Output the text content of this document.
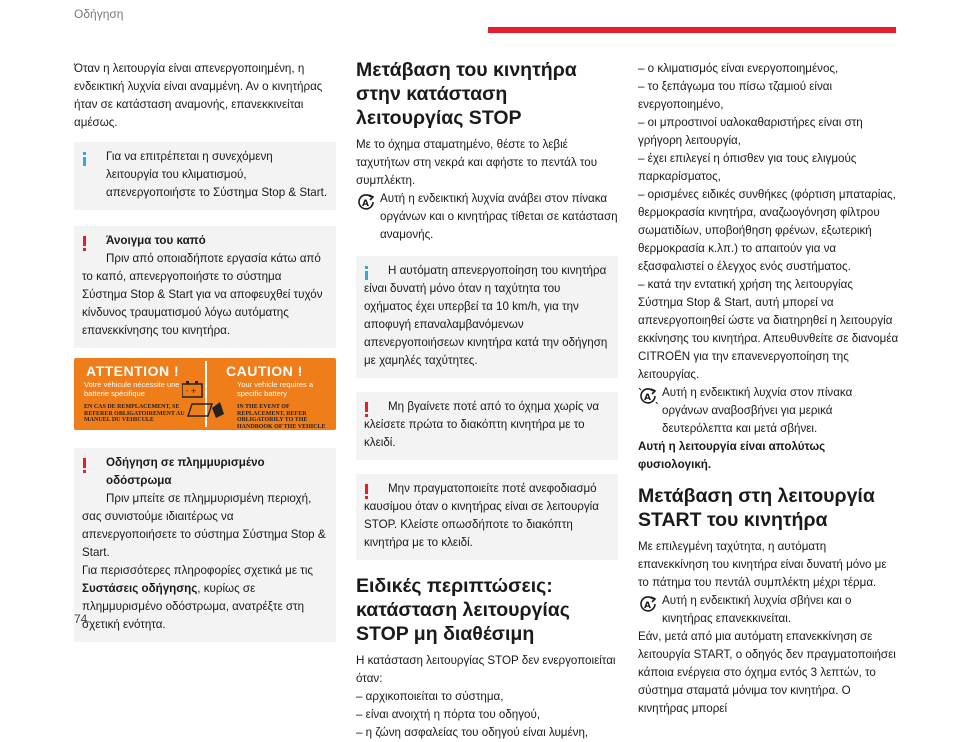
Οδήγηση

Όταν η λειτουργία είναι απενεργοποιημένη, η ενδεικτική λυχνία είναι αναμμένη. Αν ο κινητήρας ήταν σε κατάσταση αναμονής, επανεκκινείται αμέσως.

Για να επιτρέπεται η συνεχόμενη λειτουργία του κλιματισμού, απενεργοποιήστε το Σύστημα Stop & Start.

Άνοιγμα του καπό

Πριν από οποιαδήποτε εργασία κάτω από το καπό, απενεργοποιήστε το σύστημα Σύστημα Stop & Start για να αποφευχθεί τυχόν κίνδυνος τραυματισμού λόγω αυτόματης επανεκκίνησης του κινητήρα.

ATTENTION !	CAUTION !
Votre véhicule nécessite une batterie spécifique
Your vehicle requires a specific battery
EN CAS DE REMPLACEMENT, SE REFERER OBLIGATOIREMENT AU MANUEL DU VEHICULE
IN THE EVENT OF REPLACEMENT, REFER OBLIGATORILY TO THE HANDBOOK OF THE VEHICLE
- +

Οδήγηση σε πλημμυρισμένο οδόστρωμα

Πριν μπείτε σε πλημμυρισμένη περιοχή, σας συνιστούμε ιδιαιτέρως να απενεργοποιήσετε το σύστημα Σύστημα Stop & Start.

Για περισσότερες πληροφορίες σχετικά με τις Συστάσεις οδήγησης, κυρίως σε πλημμυρισμένο οδόστρωμα, ανατρέξτε στη σχετική ενότητα.

Μετάβαση του κινητήρα στην κατάσταση λειτουργίας STOP

Με το όχημα σταματημένο, θέστε το λεβιέ ταχυτήτων στη νεκρά και αφήστε το πεντάλ του συμπλέκτη.

A Αυτή η ενδεικτική λυχνία ανάβει στον πίνακα οργάνων και ο κινητήρας τίθεται σε κατάσταση αναμονής.

Η αυτόματη απενεργοποίηση του κινητήρα είναι δυνατή μόνο όταν η ταχύτητα του οχήματος έχει υπερβεί τα 10 km/h, για την αποφυγή επαναλαμβανόμενων απενεργοποιήσεων κινητήρα κατά την οδήγηση με χαμηλές ταχύτητες.

Μη βγαίνετε ποτέ από το όχημα χωρίς να κλείσετε πρώτα το διακόπτη κινητήρα με το κλειδί.

Μην πραγματοποιείτε ποτέ ανεφοδιασμό καυσίμου όταν ο κινητήρας είναι σε λειτουργία STOP. Κλείστε οπωσδήποτε το διακόπτη κινητήρα με το κλειδί.

Ειδικές περιπτώσεις: κατάσταση λειτουργίας STOP μη διαθέσιμη

Η κατάσταση λειτουργίας STOP δεν ενεργοποιείται όταν:

– αρχικοποιείται το σύστημα,

– είναι ανοιχτή η πόρτα του οδηγού,

– η ζώνη ασφαλείας του οδηγού είναι λυμένη,

– ο κλιματισμός είναι ενεργοποιημένος,

– το ξεπάγωμα του πίσω τζαμιού είναι ενεργοποιημένο,

– οι μπροστινοί υαλοκαθαριστήρες είναι στη γρήγορη λειτουργία,

– έχει επιλεγεί η όπισθεν για τους ελιγμούς παρκαρίσματος,

– ορισμένες ειδικές συνθήκες (φόρτιση μπαταρίας, θερμοκρασία κινητήρα, αναζωογόνηση φίλτρου σωματιδίων, υποβοήθηση φρένων, εξωτερική θερμοκρασία κ.λπ.) το απαιτούν για να εξασφαλιστεί ο έλεγχος ενός συστήματος.

– κατά την εντατική χρήση της λειτουργίας Σύστημα Stop & Start, αυτή μπορεί να απενεργοποιηθεί ώστε να διατηρηθεί η λειτουργία εκκίνησης του κινητήρα. Απευθυνθείτε σε διανομέα CITROËN για την επανενεργοποίηση της λειτουργίας.

A Αυτή η ενδεικτική λυχνία στον πίνακα οργάνων αναβοσβήνει για μερικά δευτερόλεπτα και μετά σβήνει.

Αυτή η λειτουργία είναι απολύτως φυσιολογική.

Μετάβαση στη λειτουργία START του κινητήρα

Με επιλεγμένη ταχύτητα, η αυτόματη επανεκκίνηση του κινητήρα είναι δυνατή μόνο με το πάτημα του πεντάλ συμπλέκτη μέχρι τέρμα.

A Αυτή η ενδεικτική λυχνία σβήνει και ο κινητήρας επανεκκινείται.

Εάν, μετά από μια αυτόματη επανεκκίνηση σε λειτουργία START, ο οδηγός δεν πραγματοποιήσει κάποια ενέργεια στο όχημα εντός 3 λεπτών, το σύστημα σταματά μόνιμα τον κινητήρα. Ο κινητήρας μπορεί

74
